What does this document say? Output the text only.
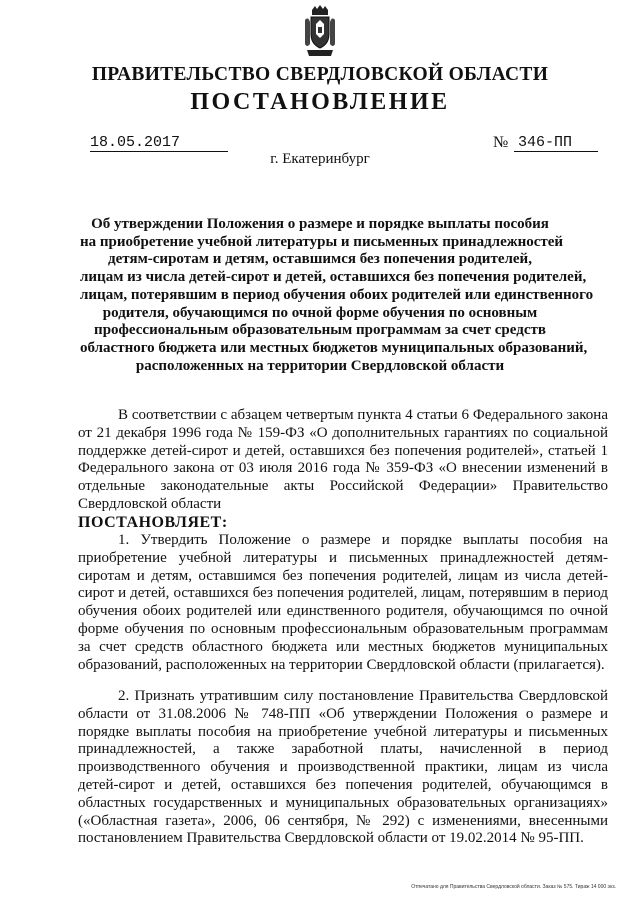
ПРАВИТЕЛЬСТВО СВЕРДЛОВСКОЙ ОБЛАСТИ
ПОСТАНОВЛЕНИЕ
18.05.2017	№ 346-ПП
г. Екатеринбург
Об утверждении Положения о размере и порядке выплаты пособия
на приобретение учебной литературы и письменных принадлежностей
детям-сиротам и детям, оставшимся без попечения родителей,
лицам из числа детей-сирот и детей, оставшихся без попечения родителей,
лицам, потерявшим в период обучения обоих родителей или единственного
родителя, обучающимся по очной форме обучения по основным
профессиональным образовательным программам за счет средств
областного бюджета или местных бюджетов муниципальных образований,
расположенных на территории Свердловской области
В соответствии с абзацем четвертым пункта 4 статьи 6 Федерального закона от 21 декабря 1996 года № 159-ФЗ «О дополнительных гарантиях по социальной поддержке детей-сирот и детей, оставшихся без попечения родителей», статьей 1 Федерального закона от 03 июля 2016 года № 359-ФЗ «О внесении изменений в отдельные законодательные акты Российской Федерации» Правительство Свердловской области
ПОСТАНОВЛЯЕТ:
1. Утвердить Положение о размере и порядке выплаты пособия на приобретение учебной литературы и письменных принадлежностей детям-сиротам и детям, оставшимся без попечения родителей, лицам из числа детей-сирот и детей, оставшихся без попечения родителей, лицам, потерявшим в период обучения обоих родителей или единственного родителя, обучающимся по очной форме обучения по основным профессиональным образовательным программам за счет средств областного бюджета или местных бюджетов муниципальных образований, расположенных на территории Свердловской области (прилагается).
2. Признать утратившим силу постановление Правительства Свердловской области от 31.08.2006 № 748-ПП «Об утверждении Положения о размере и порядке выплаты пособия на приобретение учебной литературы и письменных принадлежностей, а также заработной платы, начисленной в период производственного обучения и производственной практики, лицам из числа детей-сирот и детей, оставшихся без попечения родителей, обучающимся в областных государственных и муниципальных образовательных организациях» («Областная газета», 2006, 06 сентября, № 292) с изменениями, внесенными постановлением Правительства Свердловской области от 19.02.2014 № 95-ПП.
Отпечатано для Правительства Свердловской области. Заказ № 575. Тираж 14 000 экз.
